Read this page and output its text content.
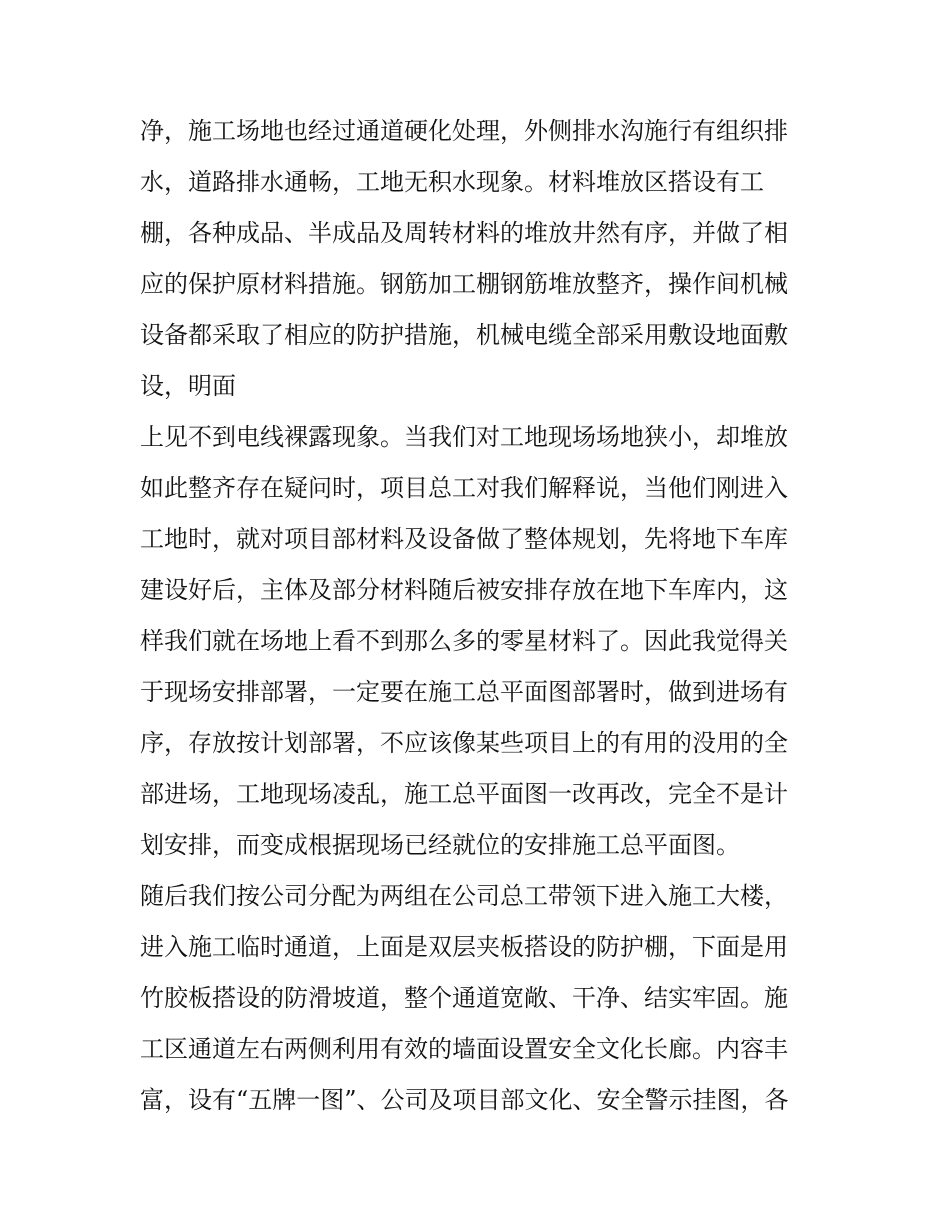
净，施工场地也经过通道硬化处理，外侧排水沟施行有组织排
水，道路排水通畅，工地无积水现象。材料堆放区搭设有工
棚，各种成品、半成品及周转材料的堆放井然有序，并做了相
应的保护原材料措施。钢筋加工棚钢筋堆放整齐，操作间机械
设备都采取了相应的防护措施，机械电缆全部采用敷设地面敷
设，明面
上见不到电线裸露现象。当我们对工地现场场地狭小，却堆放
如此整齐存在疑问时，项目总工对我们解释说，当他们刚进入
工地时，就对项目部材料及设备做了整体规划，先将地下车库
建设好后，主体及部分材料随后被安排存放在地下车库内，这
样我们就在场地上看不到那么多的零星材料了。因此我觉得关
于现场安排部署，一定要在施工总平面图部署时，做到进场有
序，存放按计划部署，不应该像某些项目上的有用的没用的全
部进场，工地现场凌乱，施工总平面图一改再改，完全不是计
划安排，而变成根据现场已经就位的安排施工总平面图。
随后我们按公司分配为两组在公司总工带领下进入施工大楼，
进入施工临时通道，上面是双层夹板搭设的防护棚，下面是用
竹胶板搭设的防滑坡道，整个通道宽敞、干净、结实牢固。施
工区通道左右两侧利用有效的墙面设置安全文化长廊。内容丰
富，设有“五牌一图”、公司及项目部文化、安全警示挂图，各
